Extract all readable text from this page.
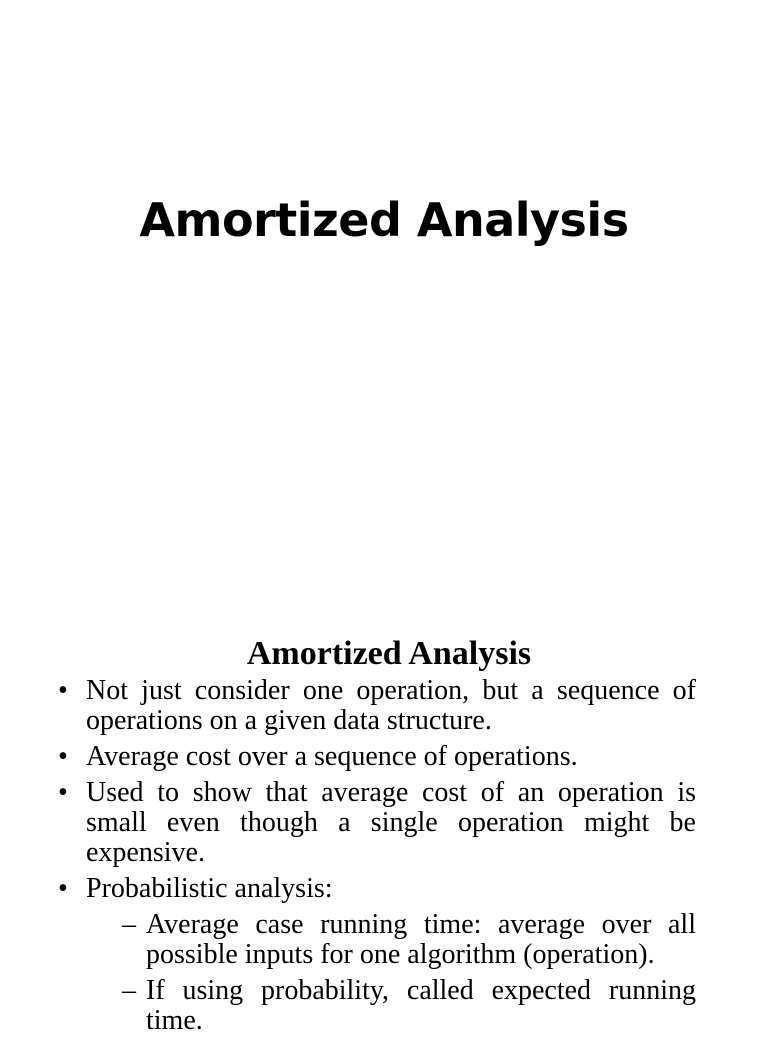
Amortized Analysis
Amortized Analysis
• Not just consider one operation, but a sequence of operations on a given data structure.
• Average cost over a sequence of operations.
• Used to show that average cost of an operation is small even though a single operation might be expensive.
• Probabilistic analysis:
– Average case running time: average over all possible inputs for one algorithm (operation).
– If using probability, called expected running time.
